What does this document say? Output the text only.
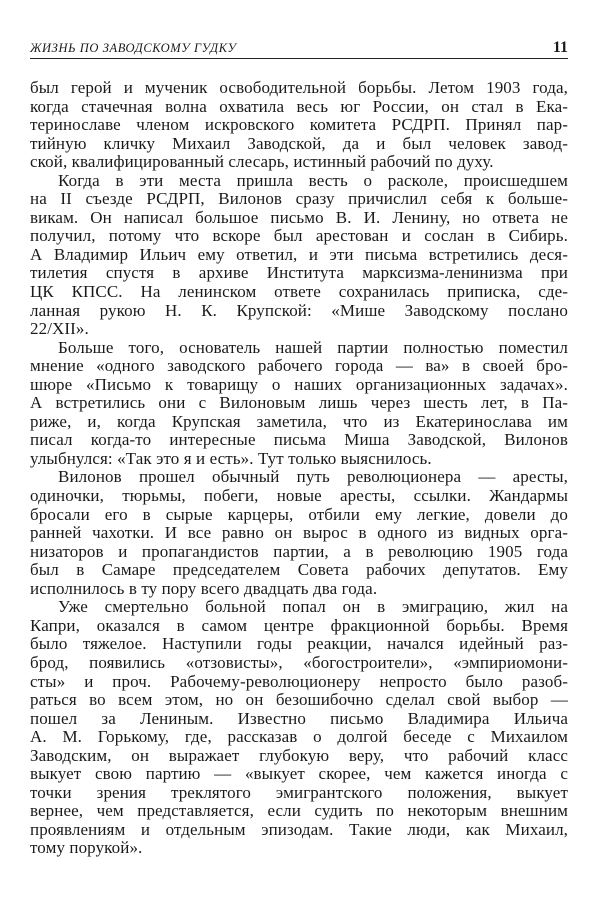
ЖИЗНЬ ПО ЗАВОДСКОМУ ГУДКУ	11
был герой и мученик освободительной борьбы. Летом 1903 года,
когда стачечная волна охватила весь юг России, он стал в Ека-
теринославе членом искровского комитета РСДРП. Принял пар-
тийную кличку Михаил Заводской, да и был человек завод-
ской, квалифицированный слесарь, истинный рабочий по духу.
Когда в эти места пришла весть о расколе, происшедшем
на II съезде РСДРП, Вилонов сразу причислил себя к больше-
викам. Он написал большое письмо В. И. Ленину, но ответа не
получил, потому что вскоре был арестован и сослан в Сибирь.
А Владимир Ильич ему ответил, и эти письма встретились деся-
тилетия спустя в архиве Института марксизма-ленинизма при
ЦК КПСС. На ленинском ответе сохранилась приписка, сде-
ланная рукою Н. К. Крупской: «Мише Заводскому послано
22/XII».
Больше того, основатель нашей партии полностью поместил
мнение «одного заводского рабочего города — ва» в своей бро-
шюре «Письмо к товарищу о наших организационных задачах».
А встретились они с Вилоновым лишь через шесть лет, в Па-
риже, и, когда Крупская заметила, что из Екатеринослава им
писал когда-то интересные письма Миша Заводской, Вилонов
улыбнулся: «Так это я и есть». Тут только выяснилось.
Вилонов прошел обычный путь революционера — аресты,
одиночки, тюрьмы, побеги, новые аресты, ссылки. Жандармы
бросали его в сырые карцеры, отбили ему легкие, довели до
ранней чахотки. И все равно он вырос в одного из видных орга-
низаторов и пропагандистов партии, а в революцию 1905 года
был в Самаре председателем Совета рабочих депутатов. Ему
исполнилось в ту пору всего двадцать два года.
Уже смертельно больной попал он в эмиграцию, жил на
Капри, оказался в самом центре фракционной борьбы. Время
было тяжелое. Наступили годы реакции, начался идейный раз-
брод, появились «отзовисты», «богостроители», «эмпириомони-
сты» и проч. Рабочему-революционеру непросто было разоб-
раться во всем этом, но он безошибочно сделал свой выбор —
пошел за Лениным. Известно письмо Владимира Ильича
А. М. Горькому, где, рассказав о долгой беседе с Михаилом
Заводским, он выражает глубокую веру, что рабочий класс
выкует свою партию — «выкует скорее, чем кажется иногда с
точки зрения треклятого эмигрантского положения, выкует
вернее, чем представляется, если судить по некоторым внешним
проявлениям и отдельным эпизодам. Такие люди, как Михаил,
тому порукой».
